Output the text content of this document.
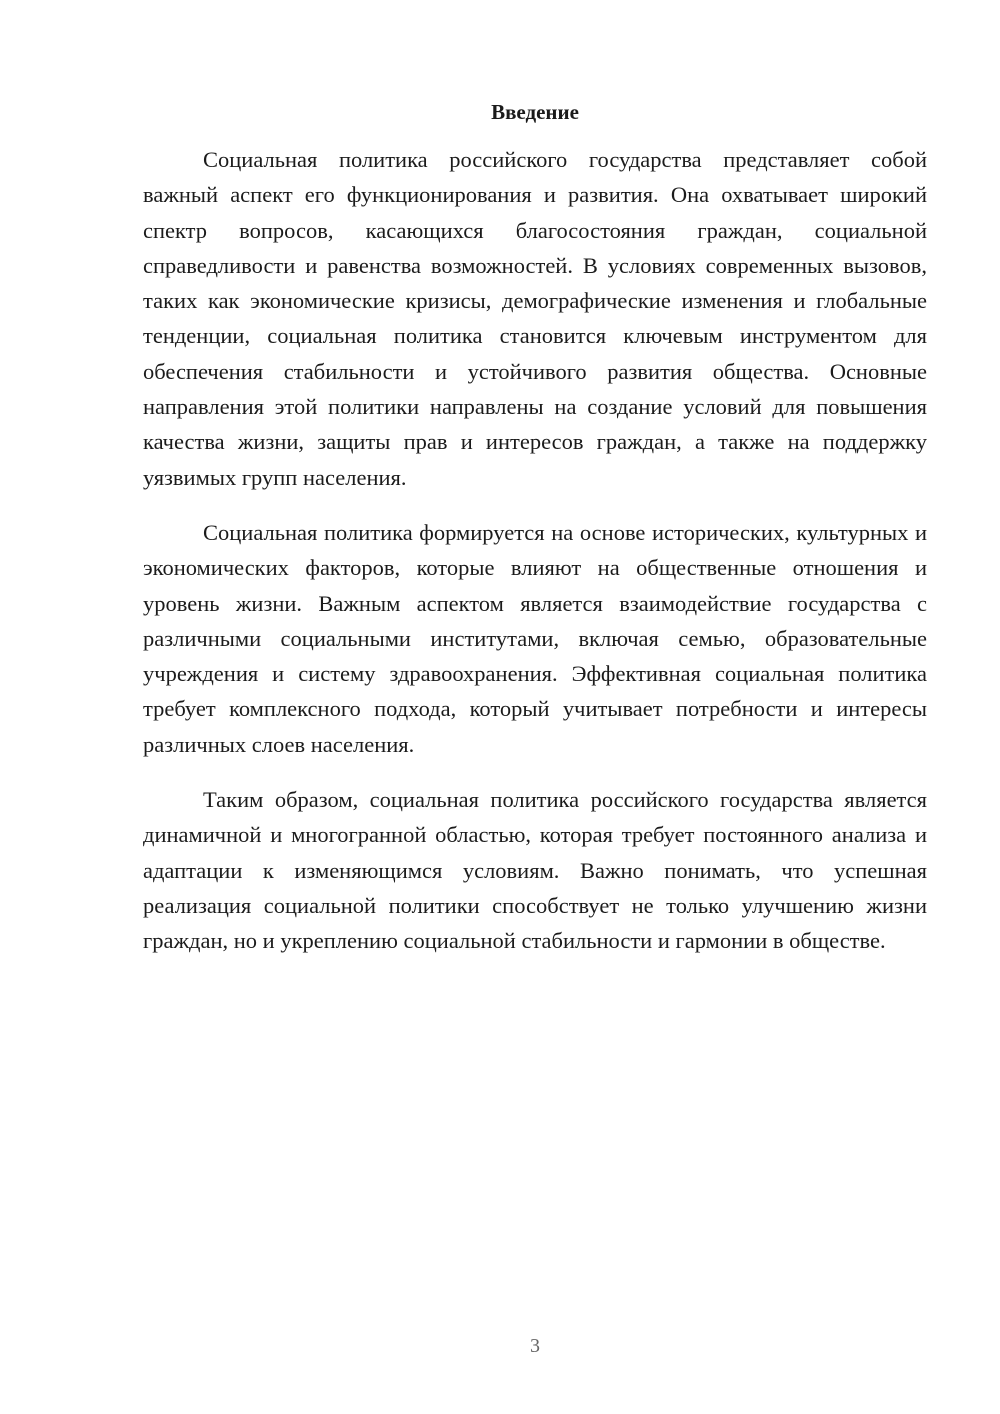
Введение

Социальная политика российского государства представляет собой важный аспект его функционирования и развития. Она охватывает широкий спектр вопросов, касающихся благосостояния граждан, социальной справедливости и равенства возможностей. В условиях современных вызовов, таких как экономические кризисы, демографические изменения и глобальные тенденции, социальная политика становится ключевым инструментом для обеспечения стабильности и устойчивого развития общества. Основные направления этой политики направлены на создание условий для повышения качества жизни, защиты прав и интересов граждан, а также на поддержку уязвимых групп населения.

Социальная политика формируется на основе исторических, культурных и экономических факторов, которые влияют на общественные отношения и уровень жизни. Важным аспектом является взаимодействие государства с различными социальными институтами, включая семью, образовательные учреждения и систему здравоохранения. Эффективная социальная политика требует комплексного подхода, который учитывает потребности и интересы различных слоев населения.

Таким образом, социальная политика российского государства является динамичной и многогранной областью, которая требует постоянного анализа и адаптации к изменяющимся условиям. Важно понимать, что успешная реализация социальной политики способствует не только улучшению жизни граждан, но и укреплению социальной стабильности и гармонии в обществе.

3
